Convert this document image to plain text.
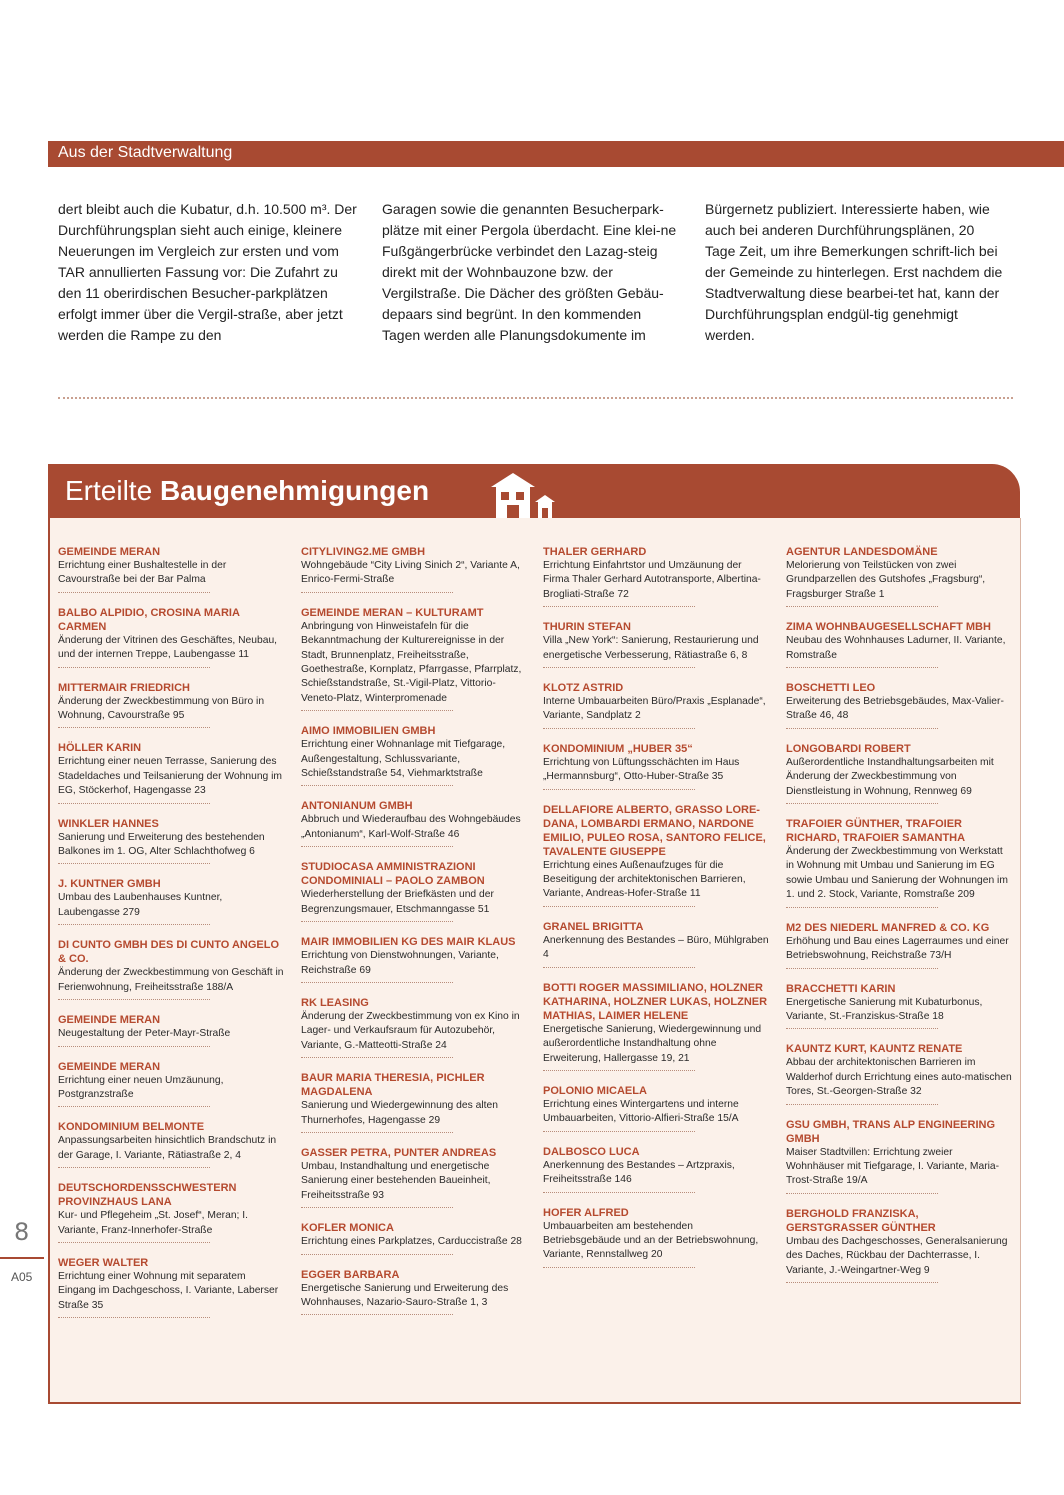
Aus der Stadtverwaltung
dert bleibt auch die Kubatur, d.h. 10.500 m³. Der Durchführungsplan sieht auch einige, kleinere Neuerungen im Vergleich zur ersten und vom TAR annullierten Fassung vor: Die Zufahrt zu den 11 oberirdischen Besucher-parkplätzen erfolgt immer über die Vergil-straße, aber jetzt werden die Rampe zu den
Garagen sowie die genannten Besucherpark-plätze mit einer Pergola überdacht. Eine klei-ne Fußgängerbrücke verbindet den Lazag-steig direkt mit der Wohnbauzone bzw. der Vergilstraße. Die Dächer des größten Gebäu-depaars sind begrünt. In den kommenden Tagen werden alle Planungsdokumente im
Bürgernetz publiziert. Interessierte haben, wie auch bei anderen Durchführungsplänen, 20 Tage Zeit, um ihre Bemerkungen schrift-lich bei der Gemeinde zu hinterlegen. Erst nachdem die Stadtverwaltung diese bearbei-tet hat, kann der Durchführungsplan endgül-tig genehmigt werden.
Erteilte Baugenehmigungen
GEMEINDE MERAN
Errichtung einer Bushaltestelle in der Cavourstraße bei der Bar Palma
BALBO ALPIDIO, CROSINA MARIA CARMEN
Änderung der Vitrinen des Geschäftes, Neubau, und der internen Treppe, Laubengasse 11
MITTERMAIR FRIEDRICH
Änderung der Zweckbestimmung von Büro in Wohnung, Cavourstraße 95
HÖLLER KARIN
Errichtung einer neuen Terrasse, Sanierung des Stadeldaches und Teilsanierung der Wohnung im EG, Stöckerhof, Hagengasse 23
WINKLER HANNES
Sanierung und Erweiterung des bestehenden Balkones im 1. OG, Alter Schlachthofweg 6
J. KUNTNER GMBH
Umbau des Laubenhauses Kuntner, Laubengasse 279
DI CUNTO GMBH DES DI CUNTO ANGELO & CO.
Änderung der Zweckbestimmung von Geschäft in Ferienwohnung, Freiheitsstraße 188/A
GEMEINDE MERAN
Neugestaltung der Peter-Mayr-Straße
GEMEINDE MERAN
Errichtung einer neuen Umzäunung, Postgranzstraße
KONDOMINIUM BELMONTE
Anpassungsarbeiten hinsichtlich Brandschutz in der Garage, I. Variante, Rätiastraße 2, 4
DEUTSCHORDENSSCHWESTERN PROVINZHAUS LANA
Kur- und Pflegeheim „St. Josef“, Meran; I. Variante, Franz-Innerhofer-Straße
WEGER WALTER
Errichtung einer Wohnung mit separatem Eingang im Dachgeschoss, I. Variante, Laberser Straße 35
CITYLIVING2.ME GMBH
Wohngebäude “City Living Sinich 2“, Variante A, Enrico-Fermi-Straße
GEMEINDE MERAN – KULTURAMT
Anbringung von Hinweistafeln für die Bekanntmachung der Kulturereignisse in der Stadt, Brunnenplatz, Freiheitsstraße, Goethestraße, Kornplatz, Pfarrgasse, Pfarrplatz, Schießstandstraße, St.-Vigil-Platz, Vittorio-Veneto-Platz, Winterpromenade
AIMO IMMOBILIEN GMBH
Errichtung einer Wohnanlage mit Tiefgarage, Außengestaltung, Schlussvariante, Schießstandstraße 54, Viehmarktstraße
ANTONIANUM GMBH
Abbruch und Wiederaufbau des Wohngebäudes „Antonianum“, Karl-Wolf-Straße 46
STUDIOCASA AMMINISTRAZIONI CONDOMINIALI – PAOLO ZAMBON
Wiederherstellung der Briefkästen und der Begrenzungsmauer, Etschmanngasse 51
MAIR IMMOBILIEN KG DES MAIR KLAUS
Errichtung von Dienstwohnungen, Variante, Reichstraße 69
RK LEASING
Änderung der Zweckbestimmung von ex Kino in Lager- und Verkaufsraum für Autozubehör, Variante, G.-Matteotti-Straße 24
BAUR MARIA THERESIA, PICHLER MAGDALENA
Sanierung und Wiedergewinnung des alten Thurnerhofes, Hagengasse 29
GASSER PETRA, PUNTER ANDREAS
Umbau, Instandhaltung und energetische Sanierung einer bestehenden Baueinheit, Freiheitsstraße 93
KOFLER MONICA
Errichtung eines Parkplatzes, Carduccistraße 28
EGGER BARBARA
Energetische Sanierung und Erweiterung des Wohnhauses, Nazario-Sauro-Straße 1, 3
THALER GERHARD
Errichtung Einfahrtstor und Umzäunung der Firma Thaler Gerhard Autotransporte, Albertina-Brogliati-Straße 72
THURIN STEFAN
Villa „New York“: Sanierung, Restaurierung und energetische Verbesserung, Rätiastraße 6, 8
KLOTZ ASTRID
Interne Umbauarbeiten Büro/Praxis „Esplanade“, Variante, Sandplatz 2
KONDOMINIUM „HUBER 35“
Errichtung von Lüftungsschächten im Haus „Hermannsburg“, Otto-Huber-Straße 35
DELLAFIORE ALBERTO, GRASSO LORE-DANA, LOMBARDI ERMANO, NARDONE EMILIO, PULEO ROSA, SANTORO FELICE, TAVALENTE GIUSEPPE
Errichtung eines Außenaufzuges für die Beseitigung der architektonischen Barrieren, Variante, Andreas-Hofer-Straße 11
GRANEL BRIGITTA
Anerkennung des Bestandes – Büro, Mühlgraben 4
BOTTI ROGER MASSIMILIANO, HOLZNER KATHARINA, HOLZNER LUKAS, HOLZNER MATHIAS, LAIMER HELENE
Energetische Sanierung, Wiedergewinnung und außerordentliche Instandhaltung ohne Erweiterung, Hallergasse 19, 21
POLONIO MICAELA
Errichtung eines Wintergartens und interne Umbauarbeiten, Vittorio-Alfieri-Straße 15/A
DALBOSCO LUCA
Anerkennung des Bestandes – Artzpraxis, Freiheitsstraße 146
HOFER ALFRED
Umbauarbeiten am bestehenden Betriebsgebäude und an der Betriebswohnung, Variante, Rennstallweg 20
AGENTUR LANDESDOMÄNE
Melorierung von Teilstücken von zwei Grundparzellen des Gutshofes „Fragsburg“, Fragsburger Straße 1
ZIMA WOHNBAUGESELLSCHAFT MBH
Neubau des Wohnhauses Ladurner, II. Variante, Romstraße
BOSCHETTI LEO
Erweiterung des Betriebsgebäudes, Max-Valier-Straße 46, 48
LONGOBARDI ROBERT
Außerordentliche Instandhaltungsarbeiten mit Änderung der Zweckbestimmung von Dienstleistung in Wohnung, Rennweg 69
TRAFOIER GÜNTHER, TRAFOIER RICHARD, TRAFOIER SAMANTHA
Änderung der Zweckbestimmung von Werkstatt in Wohnung mit Umbau und Sanierung im EG sowie Umbau und Sanierung der Wohnungen im 1. und 2. Stock, Variante, Romstraße 209
M2 DES NIEDERL MANFRED & CO. KG
Erhöhung und Bau eines Lagerraumes und einer Betriebswohnung, Reichstraße 73/H
BRACCHETTI KARIN
Energetische Sanierung mit Kubaturbonus, Variante, St.-Franziskus-Straße 18
KAUNTZ KURT, KAUNTZ RENATE
Abbau der architektonischen Barrieren im Walderhof durch Errichtung eines auto-matischen Tores, St.-Georgen-Straße 32
GSU GMBH, TRANS ALP ENGINEERING GMBH
Maiser Stadtvillen: Errichtung zweier Wohnhäuser mit Tiefgarage, I. Variante, Maria-Trost-Straße 19/A
BERGHOLD FRANZISKA, GERSTGRASSER GÜNTHER
Umbau des Dachgeschosses, Generalsanierung des Daches, Rückbau der Dachterrasse, I. Variante, J.-Weingartner-Weg 9
8
A05
